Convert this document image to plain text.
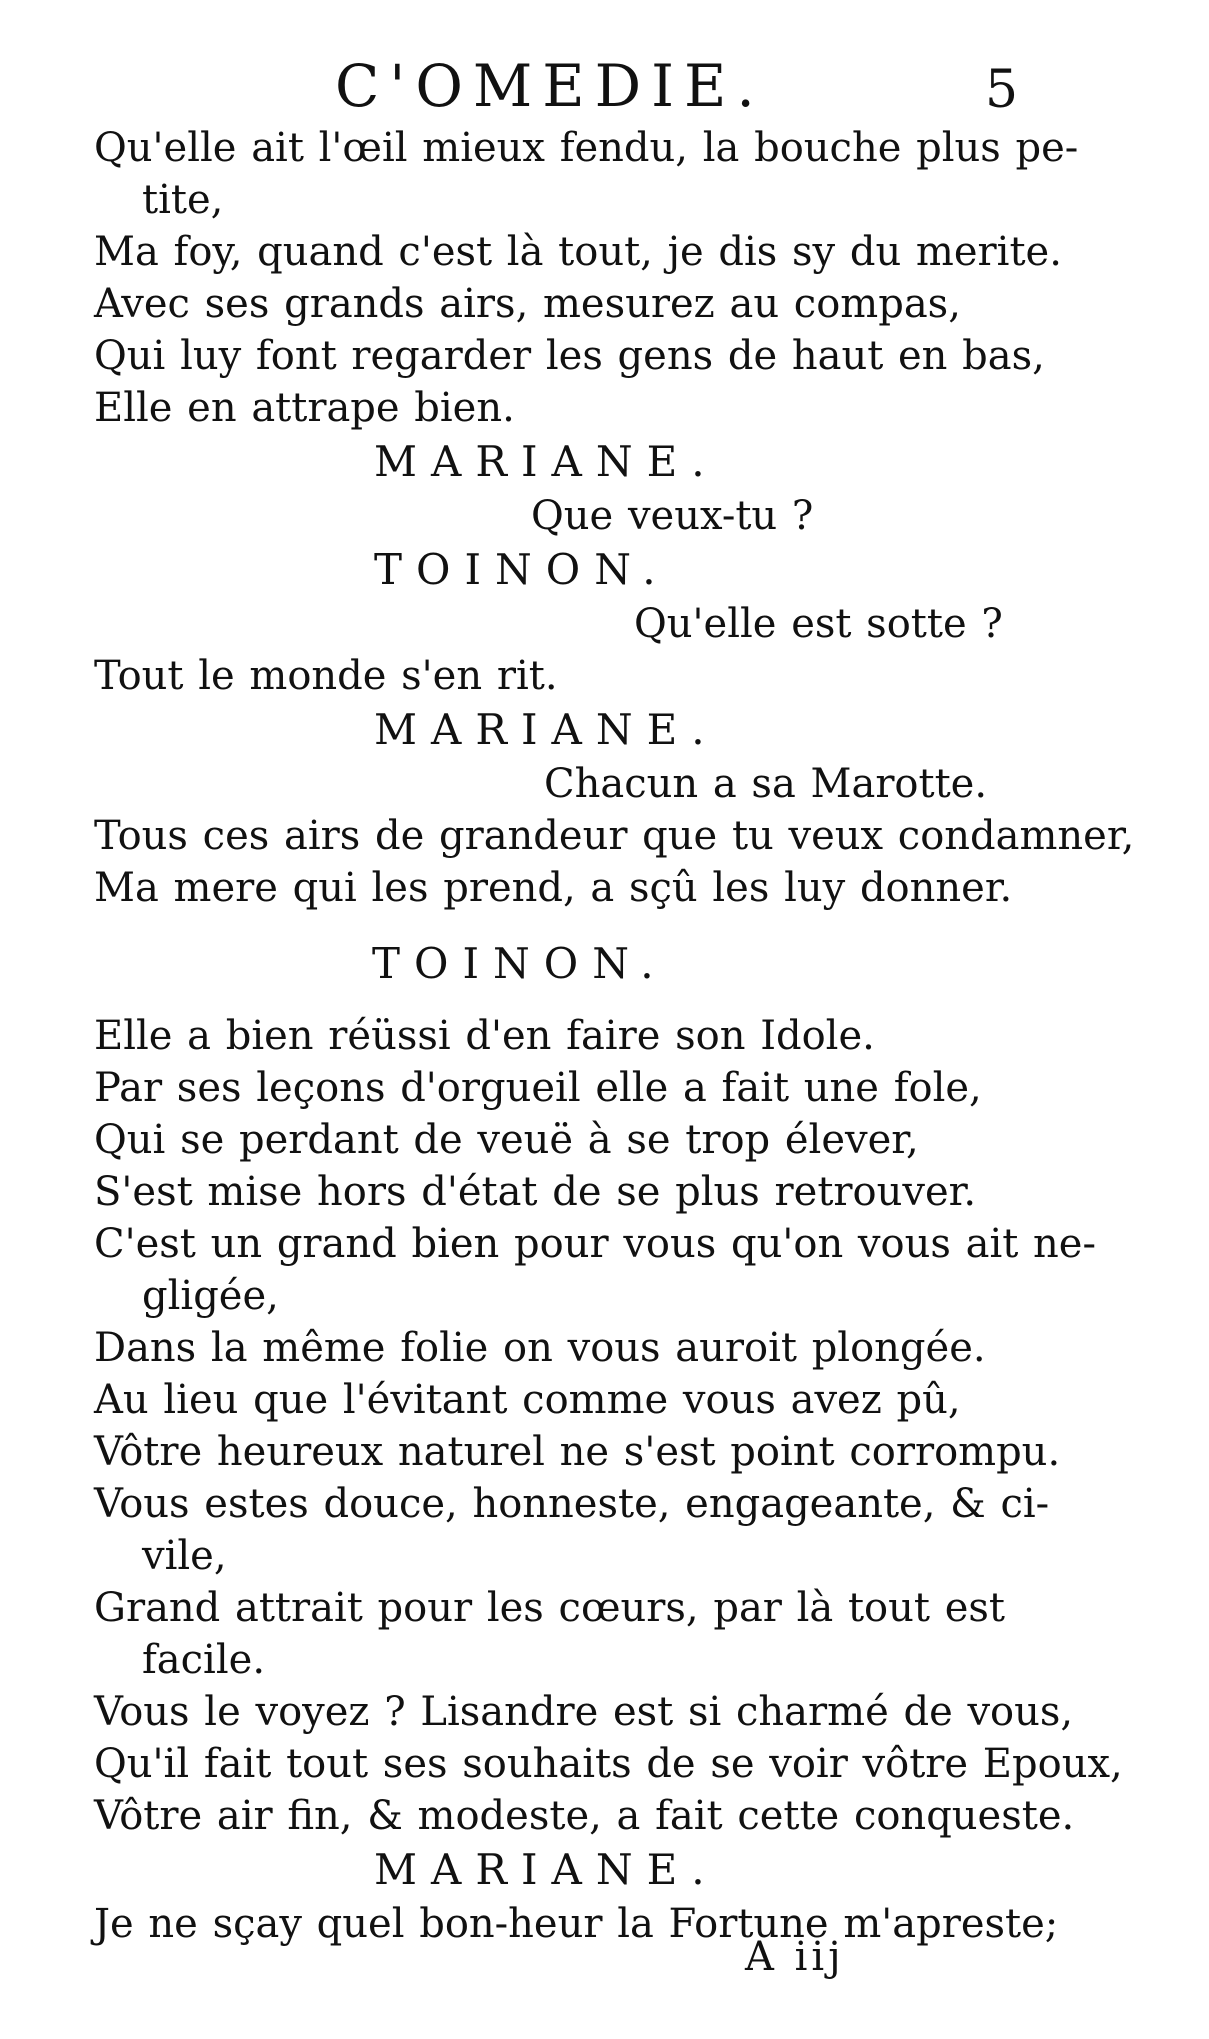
C'OMEDIE.	5
Qu'elle ait l'œil mieux fendu, la bouche plus pe-
tite,
Ma foy, quand c'est là tout, je dis sy du merite.
Avec ses grands airs, mesurez au compas,
Qui luy font regarder les gens de haut en bas,
Elle en attrape bien.
MARIANE.
Que veux-tu ?
TOINON.
Qu'elle est sotte ?
Tout le monde s'en rit.
MARIANE.
Chacun a sa Marotte.
Tous ces airs de grandeur que tu veux condamner,
Ma mere qui les prend, a sçû les luy donner.
TOINON.
Elle a bien réüssi d'en faire son Idole.
Par ses leçons d'orgueil elle a fait une fole,
Qui se perdant de veuë à se trop élever,
S'est mise hors d'état de se plus retrouver.
C'est un grand bien pour vous qu'on vous ait ne-
gligée,
Dans la même folie on vous auroit plongée.
Au lieu que l'évitant comme vous avez pû,
Vôtre heureux naturel ne s'est point corrompu.
Vous estes douce, honneste, engageante, & ci-
vile,
Grand attrait pour les cœurs, par là tout est
facile.
Vous le voyez ? Lisandre est si charmé de vous,
Qu'il fait tout ses souhaits de se voir vôtre Epoux,
Vôtre air fin, & modeste, a fait cette conqueste.
MARIANE.
Je ne sçay quel bon-heur la Fortune m'apreste;
A iij
